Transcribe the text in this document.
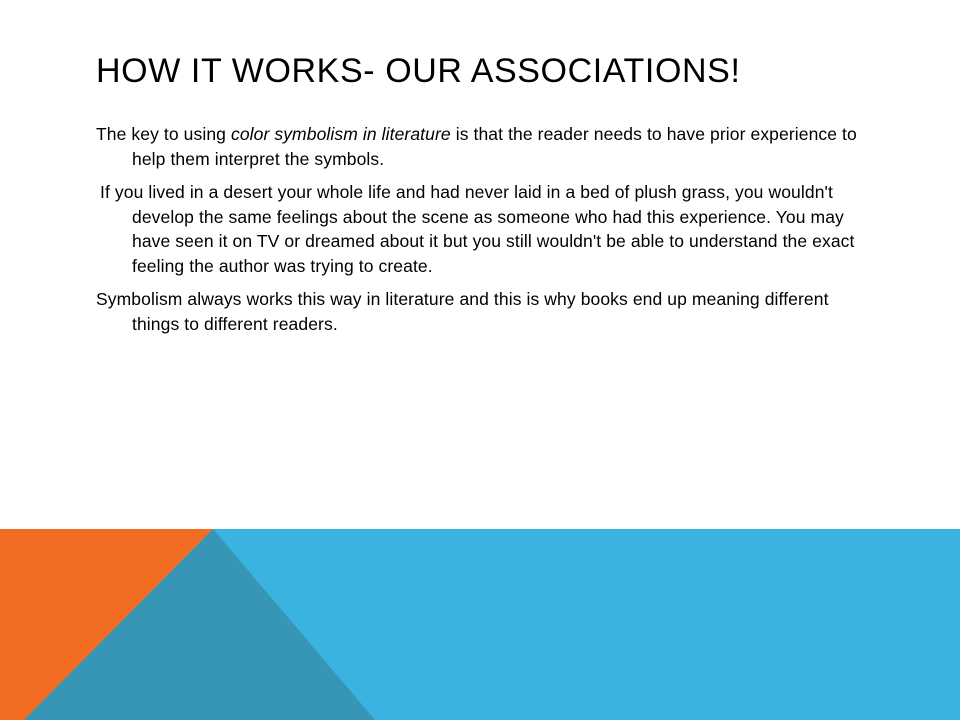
HOW IT WORKS- OUR ASSOCIATIONS!

The key to using color symbolism in literature is that the reader needs to have prior experience to help them interpret the symbols.

If you lived in a desert your whole life and had never laid in a bed of plush grass, you wouldn't develop the same feelings about the scene as someone who had this experience. You may have seen it on TV or dreamed about it but you still wouldn't be able to understand the exact feeling the author was trying to create.

Symbolism always works this way in literature and this is why books end up meaning different things to different readers.
